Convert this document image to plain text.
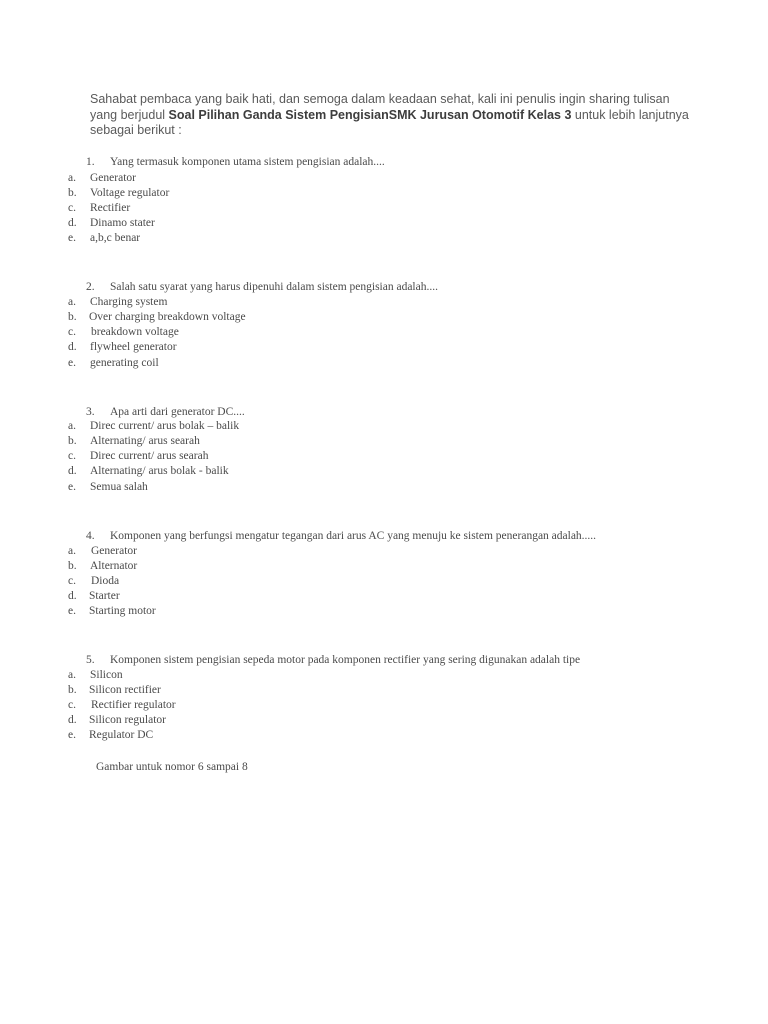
Sahabat pembaca yang baik hati, dan semoga dalam keadaan sehat, kali ini penulis ingin sharing tulisan yang berjudul Soal Pilihan Ganda Sistem PengisianSMK Jurusan Otomotif Kelas 3 untuk lebih lanjutnya sebagai berikut :
1. Yang termasuk komponen utama sistem pengisian adalah....
a. Generator
b. Voltage regulator
c. Rectifier
d. Dinamo stater
e. a,b,c benar
2. Salah satu syarat yang harus dipenuhi dalam sistem pengisian adalah....
a. Charging system
b. Over charging breakdown voltage
c. breakdown voltage
d. flywheel generator
e. generating coil
3. Apa arti dari generator DC....
a. Direc current/ arus bolak – balik
b. Alternating/ arus searah
c. Direc current/ arus searah
d. Alternating/ arus bolak - balik
e. Semua salah
4. Komponen yang berfungsi mengatur tegangan dari arus AC yang menuju ke sistem penerangan adalah.....
a. Generator
b. Alternator
c. Dioda
d. Starter
e. Starting motor
5. Komponen sistem pengisian sepeda motor pada komponen rectifier yang sering digunakan adalah tipe
a. Silicon
b. Silicon rectifier
c. Rectifier regulator
d. Silicon regulator
e. Regulator DC
Gambar untuk nomor 6 sampai 8
